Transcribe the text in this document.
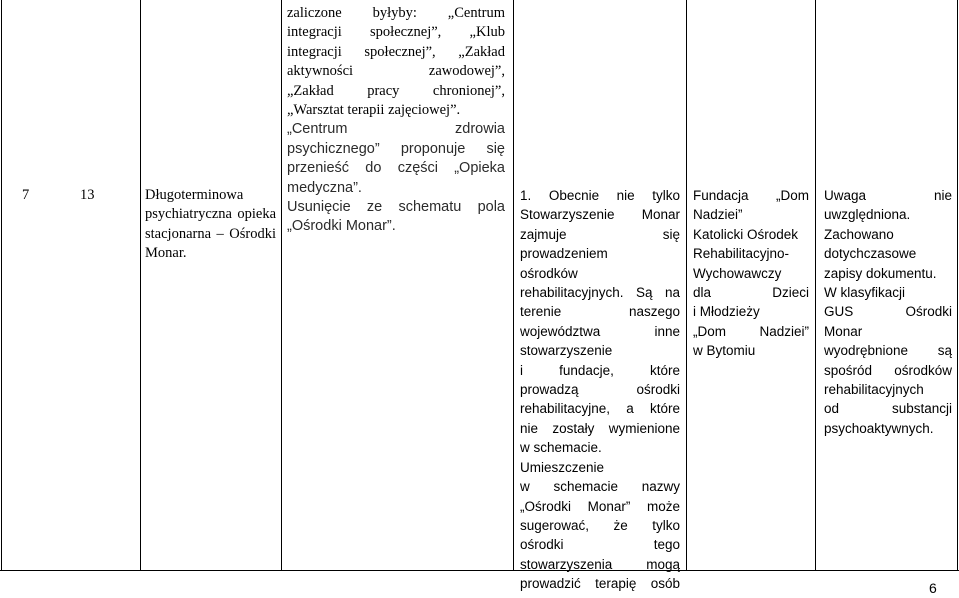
7	13	Długoterminowa
psychiatryczna opieka
stacjonarna – Ośrodki
Monar.
zaliczone byłyby: „Centrum
integracji społecznej”, „Klub
integracji społecznej”, „Zakład
aktywności zawodowej”,
„Zakład pracy chronionej”,
„Warsztat terapii zajęciowej”.
„Centrum zdrowia
psychicznego” proponuje się
przenieść do części „Opieka
medyczna”.
Usunięcie ze schematu pola
„Ośrodki Monar”.
1. Obecnie nie tylko
Stowarzyszenie Monar
zajmuje się
prowadzeniem
ośrodków
rehabilitacyjnych. Są na
terenie naszego
województwa inne
stowarzyszenie
i fundacje, które
prowadzą ośrodki
rehabilitacyjne, a które
nie zostały wymienione
w schemacie.
Umieszczenie
w schemacie nazwy
„Ośrodki Monar” może
sugerować, że tylko
ośrodki tego
stowarzyszenia mogą
prowadzić terapię osób
Fundacja „Dom
Nadziei”
Katolicki Ośrodek
Rehabilitacyjno-
Wychowawczy
dla Dzieci
i Młodzieży
„Dom Nadziei”
w Bytomiu
Uwaga nie
uwzględniona.
Zachowano
dotychczasowe
zapisy dokumentu.
W klasyfikacji
GUS Ośrodki
Monar
wyodrębnione są
spośród ośrodków
rehabilitacyjnych
od substancji
psychoaktywnych.
6
